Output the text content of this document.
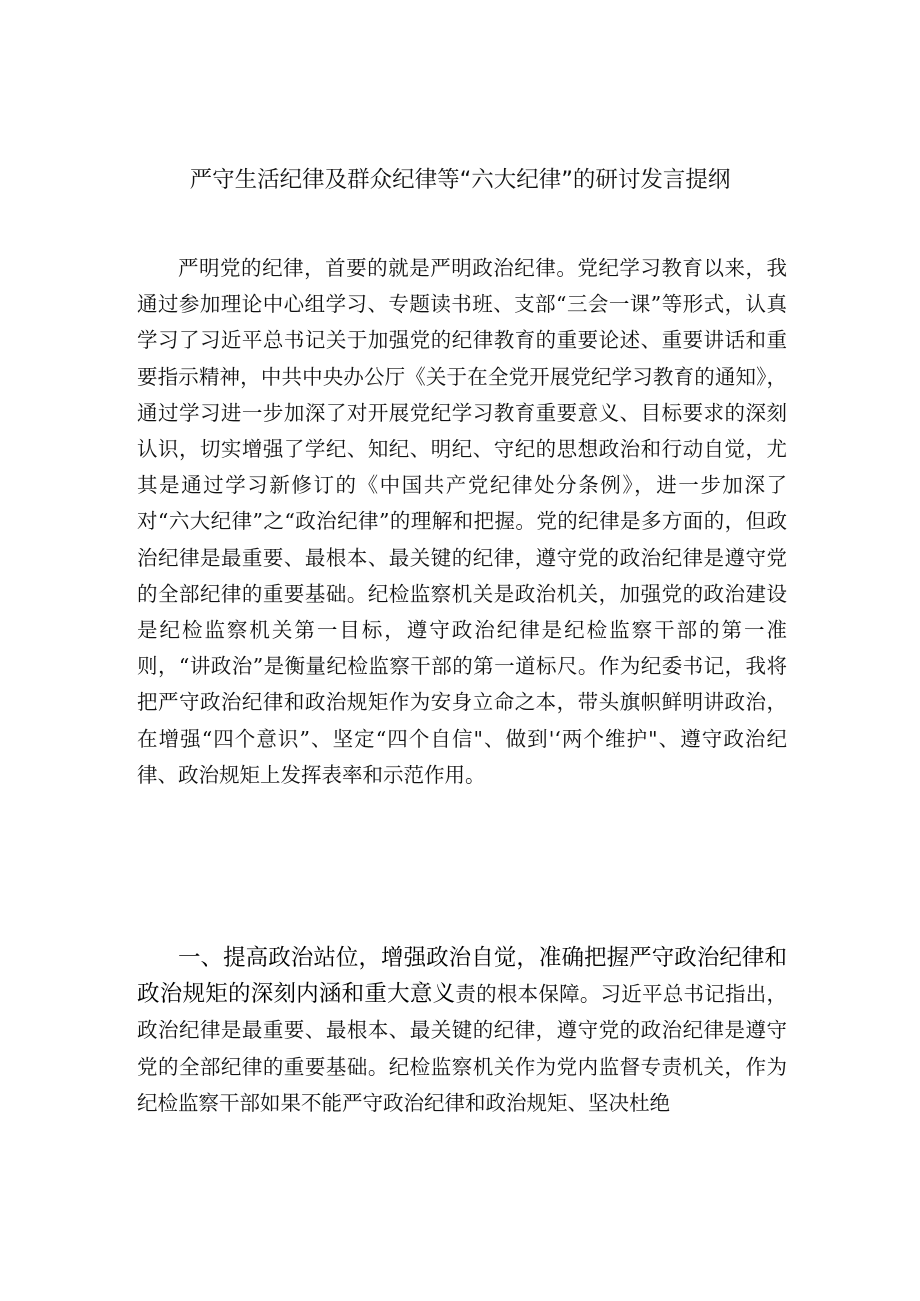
严守生活纪律及群众纪律等“六大纪律”的研讨发言提纲

严明党的纪律，首要的就是严明政治纪律。党纪学习教育以来，我通过参加理论中心组学习、专题读书班、支部“三会一课”等形式，认真学习了习近平总书记关于加强党的纪律教育的重要论述、重要讲话和重要指示精神，中共中央办公厅《关于在全党开展党纪学习教育的通知》，通过学习进一步加深了对开展党纪学习教育重要意义、目标要求的深刻认识，切实增强了学纪、知纪、明纪、守纪的思想政治和行动自觉，尤其是通过学习新修订的《中国共产党纪律处分条例》，进一步加深了对“六大纪律”之“政治纪律”的理解和把握。党的纪律是多方面的，但政治纪律是最重要、最根本、最关键的纪律，遵守党的政治纪律是遵守党的全部纪律的重要基础。纪检监察机关是政治机关，加强党的政治建设是纪检监察机关第一目标，遵守政治纪律是纪检监察干部的第一准则，“讲政治”是衡量纪检监察干部的第一道标尺。作为纪委书记，我将把严守政治纪律和政治规矩作为安身立命之本，带头旗帜鲜明讲政治，在增强“四个意识”、坚定“四个自信"、做到'‘两个维护"、遵守政治纪律、政治规矩上发挥表率和示范作用。

一、提高政治站位，增强政治自觉，准确把握严守政治纪律和政治规矩的深刻内涵和重大意义责的根本保障。习近平总书记指出，政治纪律是最重要、最根本、最关键的纪律，遵守党的政治纪律是遵守党的全部纪律的重要基础。纪检监察机关作为党内监督专责机关，作为纪检监察干部如果不能严守政治纪律和政治规矩、坚决杜绝
